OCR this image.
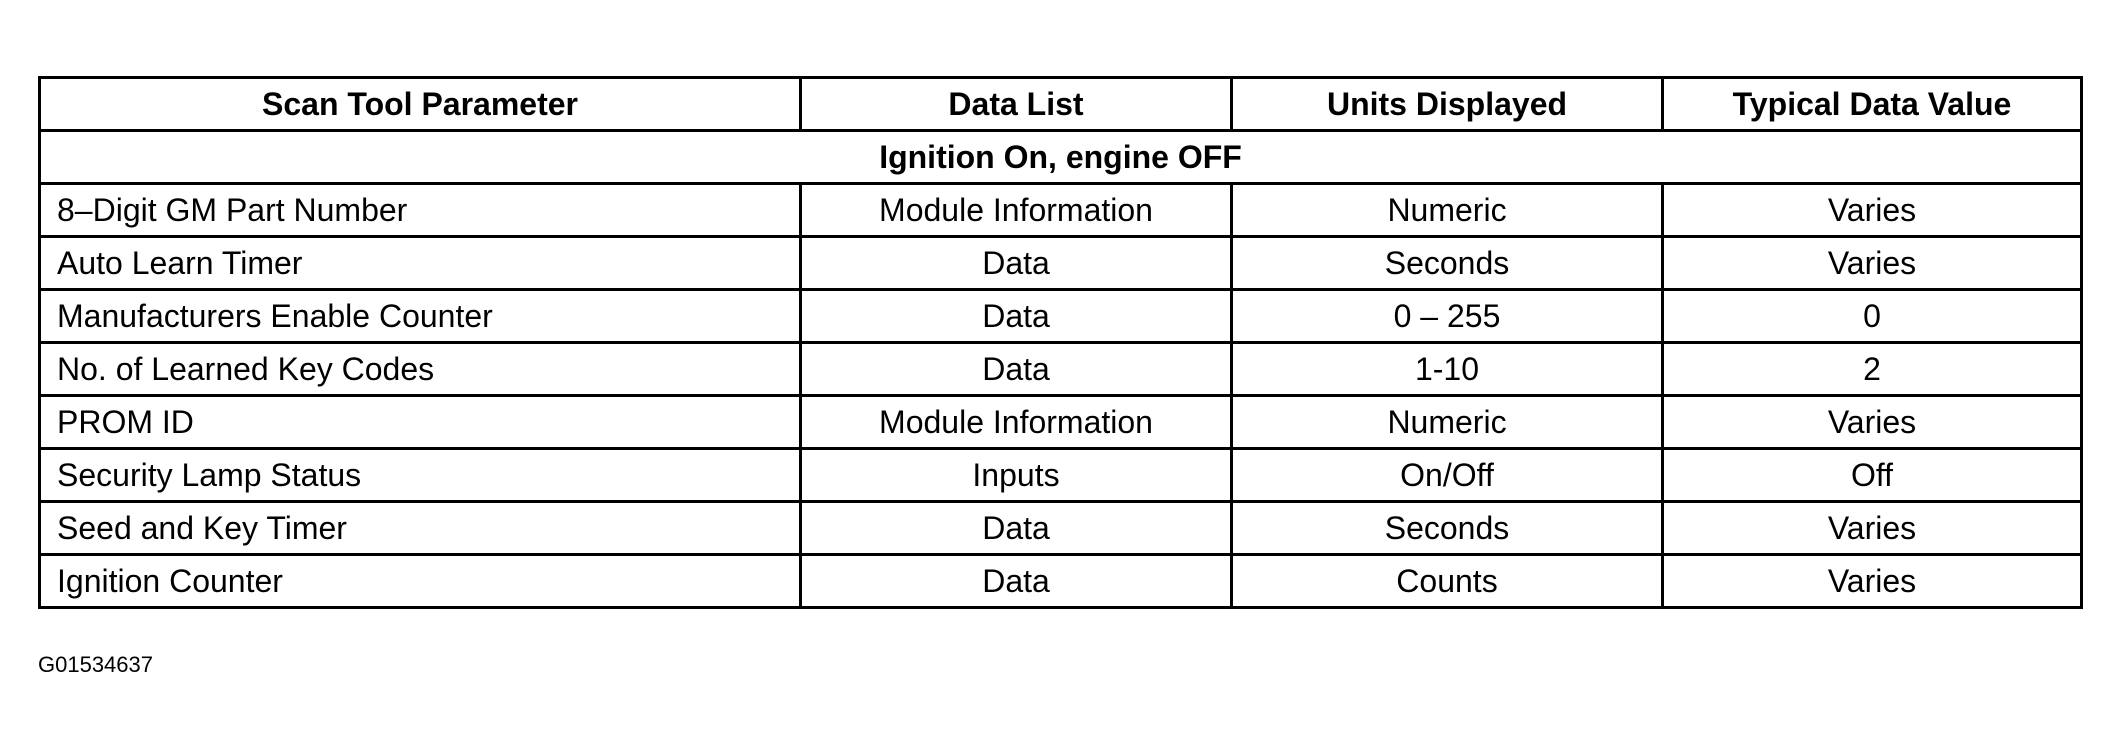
Scan Tool Parameter	Data List	Units Displayed	Typical Data Value
Ignition On, engine OFF			
8–Digit GM Part Number	Module Information	Numeric	Varies
Auto Learn Timer	Data	Seconds	Varies
Manufacturers Enable Counter	Data	0 – 255	0
No. of Learned Key Codes	Data	1-10	2
PROM ID	Module Information	Numeric	Varies
Security Lamp Status	Inputs	On/Off	Off
Seed and Key Timer	Data	Seconds	Varies
Ignition Counter	Data	Counts	Varies
G01534637
